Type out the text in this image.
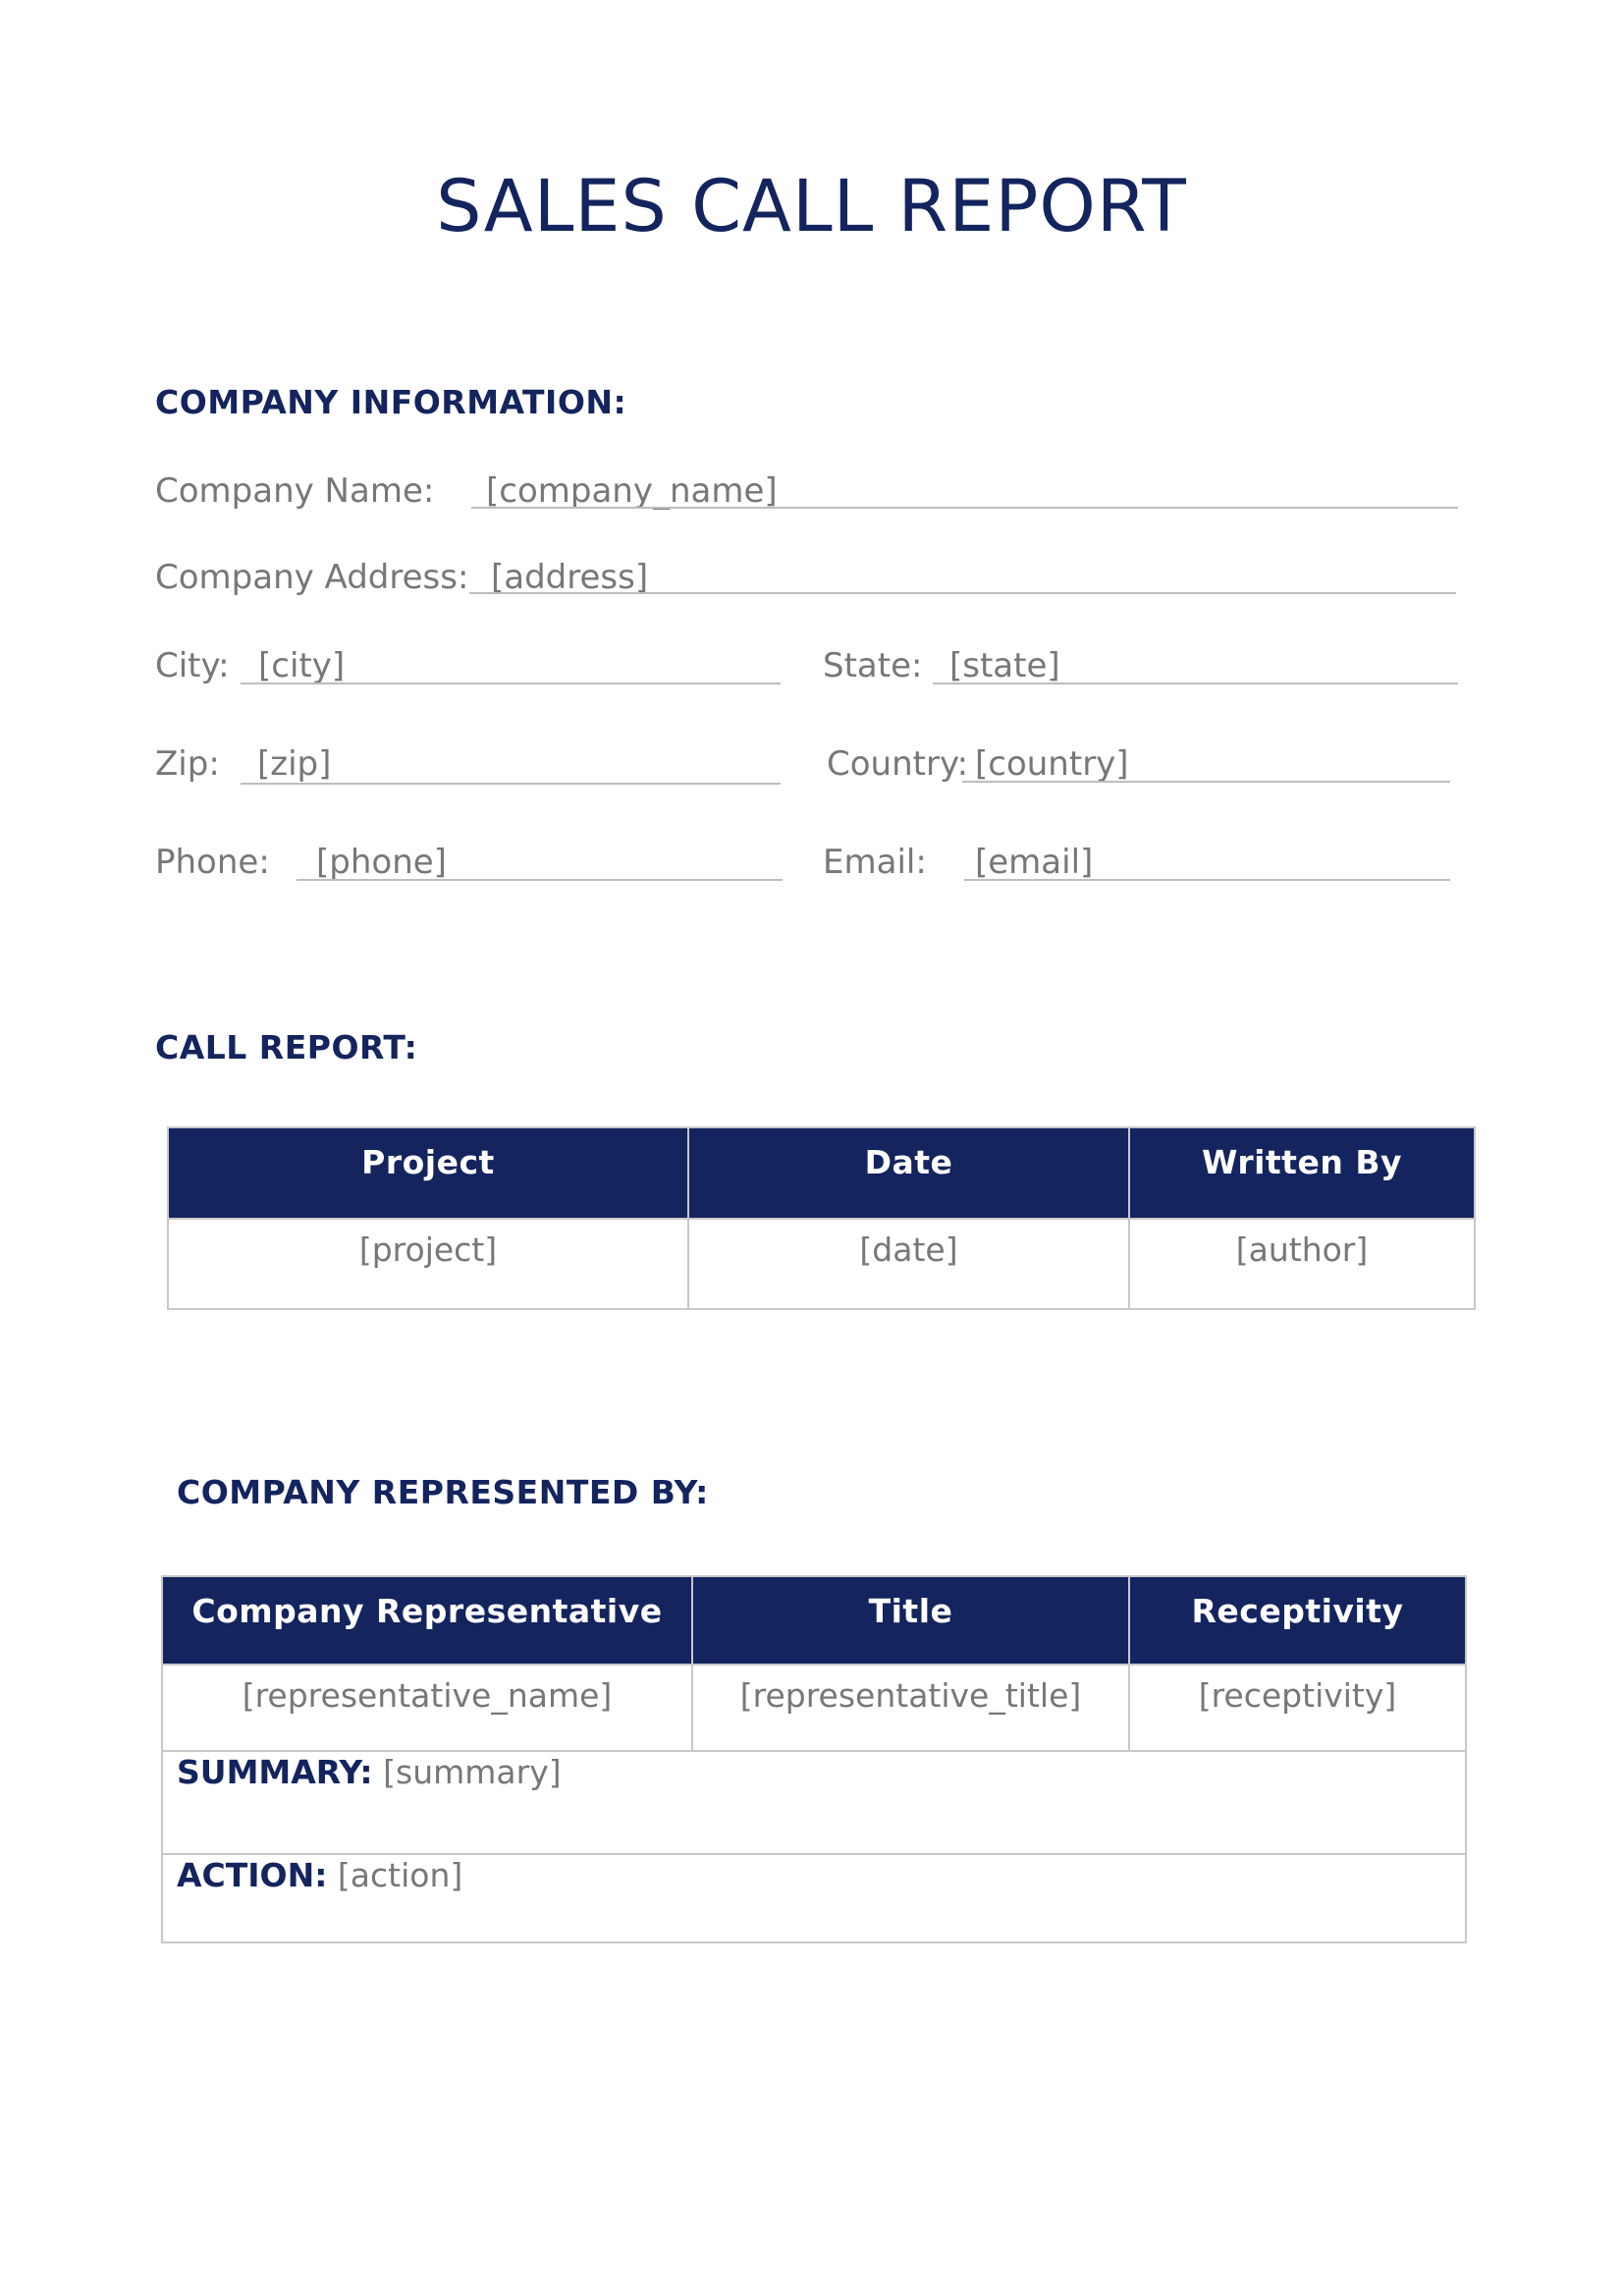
SALES CALL REPORT
COMPANY INFORMATION:
Company Name: [company_name]
Company Address: [address]
City: [city]	State: [state]
Zip: [zip]	Country: [country]
Phone: [phone]	Email: [email]
CALL REPORT:
Project	Date	Written By
[project]	[date]	[author]
COMPANY REPRESENTED BY:
Company Representative	Title	Receptivity
[representative_name]	[representative_title]	[receptivity]
SUMMARY: [summary]		
ACTION: [action]		
